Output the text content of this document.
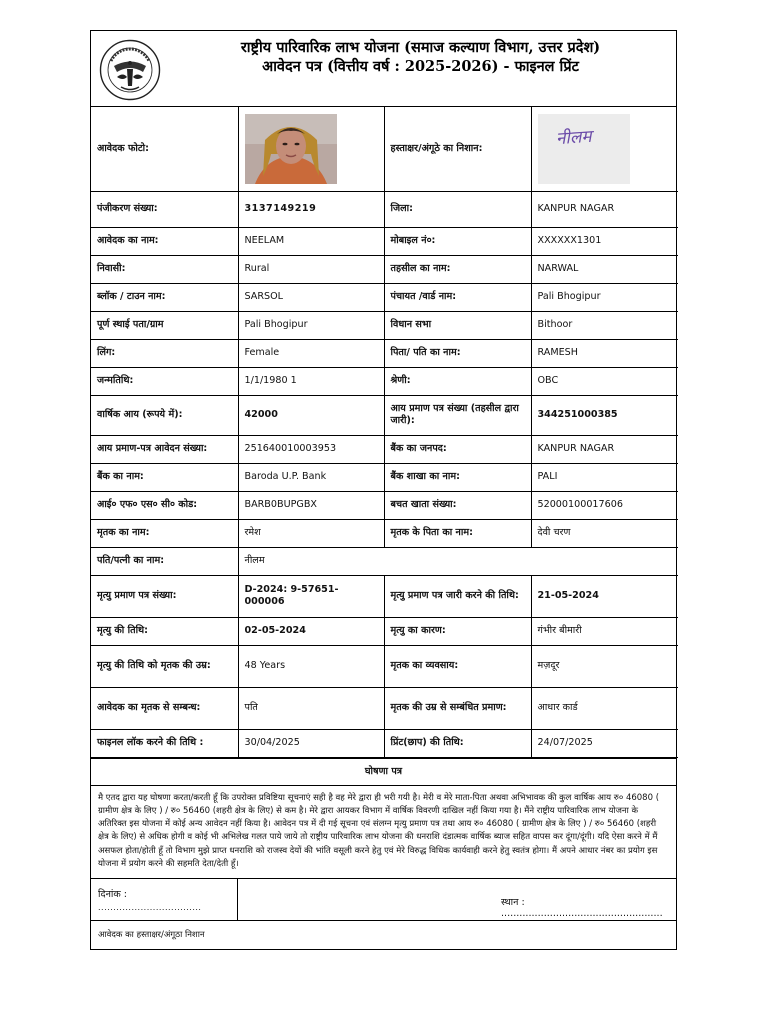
राष्ट्रीय पारिवारिक लाभ योजना (समाज कल्याण विभाग, उत्तर प्रदेश)
आवेदन पत्र (वित्तीय वर्ष : 2025-2026) - फाइनल प्रिंट
आवेदक फोटो:		हस्ताक्षर/अंगूठे का निशान:	नीलम

पंजीकरण संख्या:	3137149219	जिला:	KANPUR NAGAR
आवेदक का नाम:	NEELAM	मोबाइल नं०:	XXXXXX1301
निवासी:	Rural	तहसील का नाम:	NARWAL
ब्लॉक / टाउन नाम:	SARSOL	पंचायत /वार्ड नाम:	Pali Bhogipur
पूर्ण स्थाई पता/ग्राम	Pali Bhogipur	विधान सभा	Bithoor
लिंग:	Female	पिता/ पति का नाम:	RAMESH
जन्मतिथि:	1/1/1980 1	श्रेणी:	OBC
वार्षिक आय (रूपये में):	42000	आय प्रमाण पत्र संख्या (तहसील द्वारा जारी):	344251000385
आय प्रमाण-पत्र आवेदन संख्या:	251640010003953	बैंक का जनपद:	KANPUR NAGAR
बैंक का नाम:	Baroda U.P. Bank	बैंक शाखा का नाम:	PALI
आई० एफ० एस० सी० कोड:	BARB0BUPGBX	बचत खाता संख्या:	52000100017606
मृतक का नाम:	रमेश	मृतक के पिता का नाम:	देवी चरण
पति/पत्नी का नाम:	नीलम		
मृत्यु प्रमाण पत्र संख्या:	D-2024: 9-57651-000006	मृत्यु प्रमाण पत्र जारी करने की तिथि:	21-05-2024
मृत्यु की तिथि:	02-05-2024	मृत्यु का कारण:	गंभीर बीमारी
मृत्यु की तिथि को मृतक की उम्र:	48 Years	मृतक का व्यवसाय:	मज़दूर
आवेदक का मृतक से सम्बन्ध:	पति	मृतक की उम्र से सम्बंधित प्रमाण:	आधार कार्ड
फाइनल लॉक करने की तिथि :	30/04/2025	प्रिंट(छाप) की तिथि:	24/07/2025
घोषणा पत्र
मै एतद द्वारा यह घोषणा करता/करती हूँ कि उपरोक्त प्रविष्टिया सूचनाएं सही है वह मेरे द्वारा ही भरी गयी है। मेरी व मेरे माता-पिता अथवा अभिभावक की कुल वार्षिक आय रु० 46080 ( ग्रामीण क्षेत्र के लिए ) / रु० 56460 (शहरी क्षेत्र के लिए) से कम है। मेरे द्वारा आयकर विभाग में वार्षिक विवरणी दाखिल नहीं किया गया है। मैंने राष्ट्रीय पारिवारिक लाभ योजना के अतिरिक्त इस योजना में कोई अन्य आवेदन नहीं किया है। आवेदन पत्र में दी गई सूचना एवं संलग्न मृत्यु प्रमाण पत्र तथा आय रु० 46080 ( ग्रामीण क्षेत्र के लिए ) / रु० 56460 (शहरी क्षेत्र के लिए) से अधिक होगी व कोई भी अभिलेख गलत पाये जाये तो राष्ट्रीय पारिवारिक लाभ योजना की धनराशि दंडात्मक वार्षिक ब्याज सहित वापस कर दूंगा/दूंगी। यदि ऐसा करने में मैं असफल होता/होती हूँ तो विभाग मुझे प्राप्त धनराशि को राजस्व देयों की भांति वसूली करने हेतु एवं मेरे विरुद्ध विधिक कार्यवाही करने हेतु स्वतंत्र होगा। मैं अपने आधार नंबर का प्रयोग इस योजना में प्रयोग करने की सहमति देता/देती हूँ।
दिनांक :
..................................	स्थान : .....................................................
आवेदक का हस्ताक्षर/अंगूठा निशान
